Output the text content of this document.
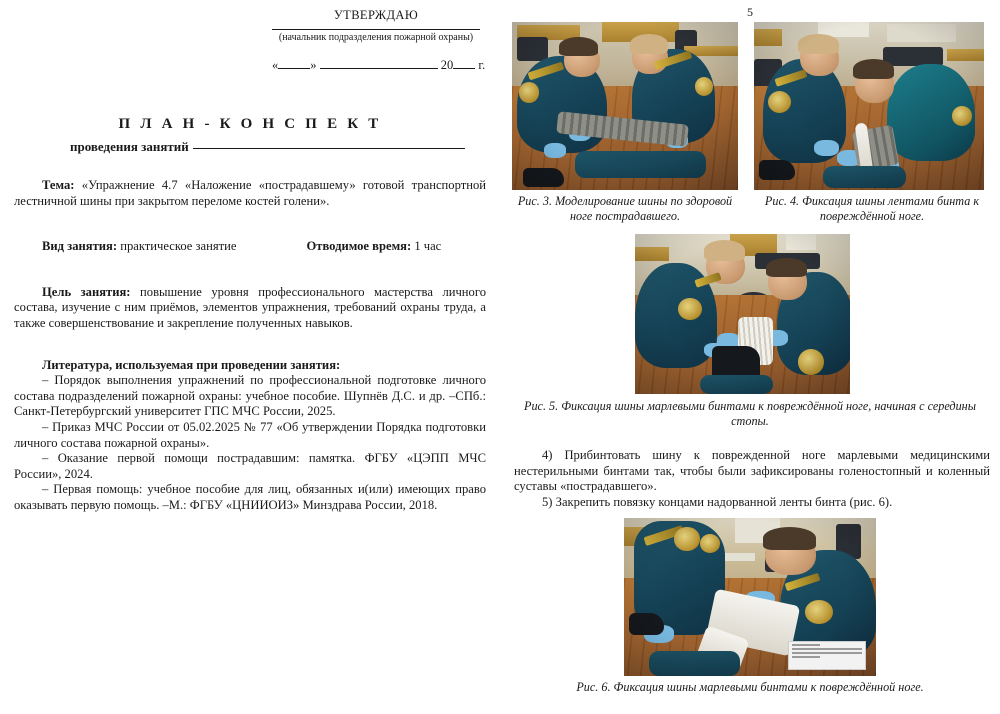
УТВЕРЖДАЮ
(начальник подразделения пожарной охраны)
«	»	20 г.
П Л А Н - К О Н С П Е К Т
проведения занятий

Тема: «Упражнение 4.7 «Наложение «пострадавшему» готовой транспортной лестничной шины при закрытом переломе костей голени».

Вид занятия: практическое занятие	Отводимое время: 1 час

Цель занятия: повышение уровня профессионального мастерства личного состава, изучение с ним приёмов, элементов упражнения, требований охраны труда, а также совершенствование и закрепление полученных навыков.

Литература, используемая при проведении занятия:

– Порядок выполнения упражнений по профессиональной подготовке личного состава подразделений пожарной охраны: учебное пособие. Шупнёв Д.С. и др. –СПб.: Санкт-Петербургский университет ГПС МЧС России, 2025.

– Приказ МЧС России от 05.02.2025 № 77 «Об утверждении Порядка подготовки личного состава пожарной охраны».

– Оказание первой помощи пострадавшим: памятка. ФГБУ «ЦЭПП МЧС России», 2024.

– Первая помощь: учебное пособие для лиц, обязанных и(или) имеющих право оказывать первую помощь. –М.: ФГБУ «ЦНИИОИЗ» Минздрава России, 2018.

5
Рис. 3. Моделирование шины по здоровой ноге пострадавшего.
Рис. 4. Фиксация шины лентами бинта к повреждённой ноге.
Рис. 5. Фиксация шины марлевыми бинтами к повреждённой ноге, начиная с середины стопы.

4) Прибинтовать шину к поврежденной ноге марлевыми медицинскими нестерильными бинтами так, чтобы были зафиксированы голеностопный и коленный суставы «пострадавшего».

5) Закрепить повязку концами надорванной ленты бинта (рис. 6).

Рис. 6. Фиксация шины марлевыми бинтами к повреждённой ноге.
